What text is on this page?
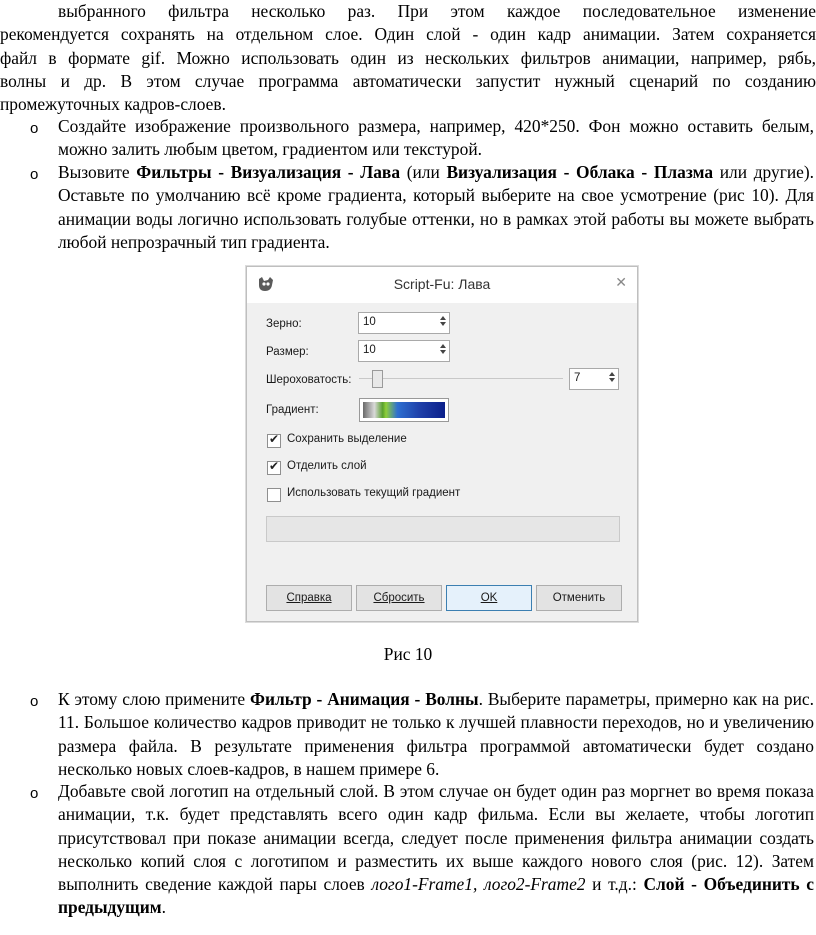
выбранного фильтра несколько раз. При этом каждое последовательное изменение
рекомендуется сохранять на отдельном слое. Один слой - один кадр анимации. Затем сохраняется
файл в формате gif. Можно использовать один из нескольких фильтров анимации, например, рябь,
волны и др. В этом случае программа автоматически запустит нужный сценарий по созданию
промежуточных кадров-слоев.
o Создайте изображение произвольного размера, например, 420*250. Фон можно оставить белым, можно залить любым цветом, градиентом или текстурой.
o Вызовите Фильтры - Визуализация - Лава (или Визуализация - Облака - Плазма или другие). Оставьте по умолчанию всё кроме градиента, который выберите на свое усмотрение (рис 10). Для анимации воды логично использовать голубые оттенки, но в рамках этой работы вы можете выбрать любой непрозрачный тип градиента.
Script-Fu: Лава	✕
Зерно:	10
Размер:	10
Шероховатость:	7
Градиент:
✔ Сохранить выделение
✔ Отделить слой
Использовать текущий градиент
Справка	Сбросить	OK	Отменить
Рис 10
o К этому слою примените Фильтр - Анимация - Волны. Выберите параметры, примерно как на рис. 11. Большое количество кадров приводит не только к лучшей плавности переходов, но и увеличению размера файла. В результате применения фильтра программой автоматически будет создано несколько новых слоев-кадров, в нашем примере 6.
o Добавьте свой логотип на отдельный слой. В этом случае он будет один раз моргнет во время показа анимации, т.к. будет представлять всего один кадр фильма. Если вы желаете, чтобы логотип присутствовал при показе анимации всегда, следует после применения фильтра анимации создать несколько копий слоя с логотипом и разместить их выше каждого нового слоя (рис. 12). Затем выполнить сведение каждой пары слоев лого1-Frame1, лого2-Frame2 и т.д.: Слой - Объединить с предыдущим.
